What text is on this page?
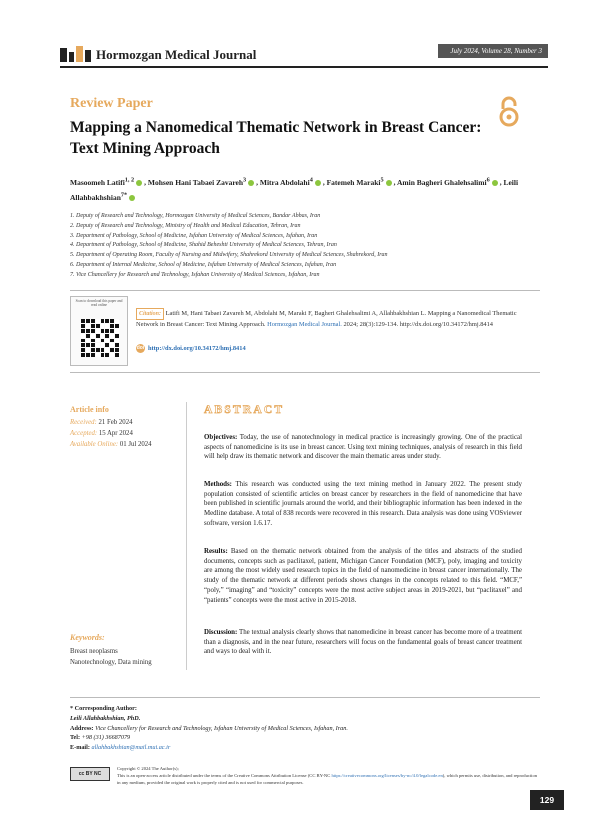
Hormozgan Medical Journal	July 2024, Volume 28, Number 3
Review Paper
Mapping a Nanomedical Thematic Network in Breast Cancer: Text Mining Approach
Masoomeh Latifi$^{1, 2}$ , Mohsen Hani Tabaei Zavareh$^3$ , Mitra Abdolahi$^4$ , Fatemeh Maraki$^5$ , Amin Bagheri Ghalehsalimi$^6$ , Leili Allahbakhshian$^{7*}$
1. Deputy of Research and Technology, Hormozgan University of Medical Sciences, Bandar Abbas, Iran
2. Deputy of Research and Technology, Ministry of Health and Medical Education, Tehran, Iran
3. Department of Pathology, School of Medicine, Isfahan University of Medical Sciences, Isfahan, Iran
4. Department of Pathology, School of Medicine, Shahid Beheshti University of Medical Sciences, Tehran, Iran
5. Department of Operating Room, Faculty of Nursing and Midwifery, Shahrekord University of Medical Sciences, Shahrekord, Iran
6. Department of Internal Medicine, School of Medicine, Isfahan University of Medical Sciences, Isfahan, Iran
7. Vice Chancellery for Research and Technology, Isfahan University of Medical Sciences, Isfahan, Iran
Scan to download this paper and read online
Citation: Latifi M, Hani Tabaei Zavareh M, Abdolahi M, Maraki F, Bagheri Ghalehsalimi A, Allahbakhshian L. Mapping a Nanomedical Thematic Network in Breast Cancer: Text Mining Approach. Hormozgan Medical Journal. 2024; 28(3):129-134. http://dx.doi.org/10.34172/hmj.8414
doi http://dx.doi.org/10.34172/hmj.8414
Article info
Received: 21 Feb 2024
Accepted: 15 Apr 2024
Available Online: 01 Jul 2024
Keywords:
Breast neoplasms
Nanotechnology, Data mining
ABSTRACT

Objectives: Today, the use of nanotechnology in medical practice is increasingly growing. One of the practical aspects of nanomedicine is its use in breast cancer. Using text mining techniques, analysis of research in this field will help draw its thematic network and discover the main thematic areas under study.

Methods: This research was conducted using the text mining method in January 2022. The present study population consisted of scientific articles on breast cancer by researchers in the field of nanomedicine that have been published in scientific journals around the world, and their bibliographic information has been indexed in the Medline database. A total of 838 records were recovered in this research. Data analysis was done using VOSviewer software, version 1.6.17.

Results: Based on the thematic network obtained from the analysis of the titles and abstracts of the studied documents, concepts such as paclitaxel, patient, Michigan Cancer Foundation (MCF), poly, imaging and toxicity are among the most widely used research topics in the field of nanomedicine in breast cancer internationally. The study of the thematic network at different periods shows changes in the concepts related to this field. “MCF,” “poly,” “imaging” and “toxicity” concepts were the most active subject areas in 2019-2021, but “paclitaxel” and “patients” concepts were the most active in 2015-2018.

Discussion: The textual analysis clearly shows that nanomedicine in breast cancer has become more of a treatment than a diagnosis, and in the near future, researchers will focus on the fundamental goals of breast cancer treatment and ways to deal with it.

* Corresponding Author:
Leili Allahbakhshian, PhD.
Address: Vice Chancellery for Research and Technology, Isfahan University of Medical Sciences, Isfahan, Iran.
Tel: +98 (31) 36687079
E-mail: allahbakhshian@mail.mui.ac.ir
cc BY NC
Copyright © 2024 The Author(s);
This is an open-access article distributed under the terms of the Creative Commons Attribution License (CC BY-NC https://creativecommons.org/licenses/by-nc/4.0/legalcode.en), which permits use, distribution, and reproduction in any medium, provided the original work is properly cited and is not used for commercial purposes.
129
